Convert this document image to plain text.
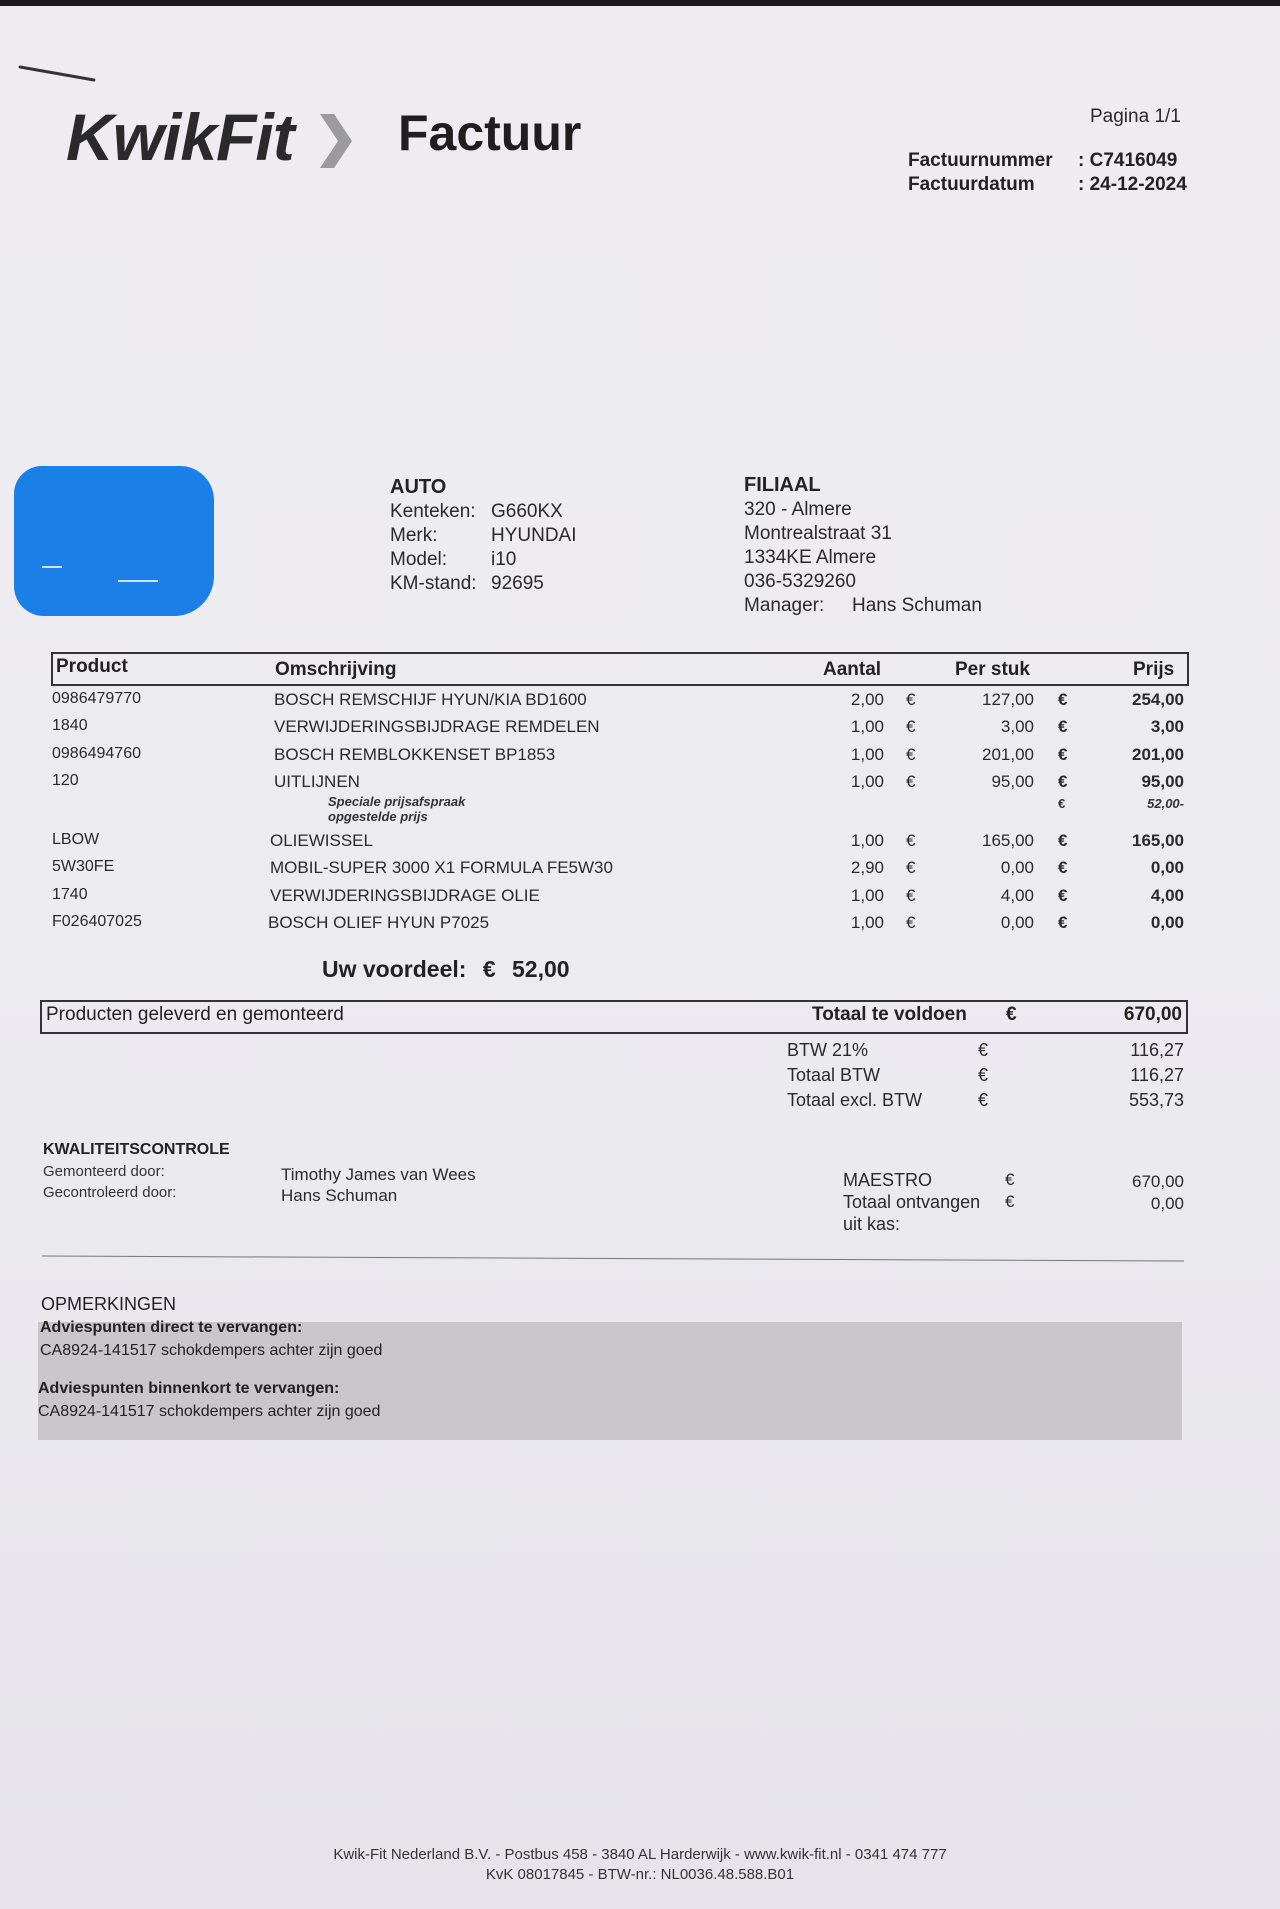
KwikFit Factuur	Pagina 1/1
Factuurnummer : C7416049
Factuurdatum : 24-12-2024
AUTO
Kenteken: G660KX
Merk:	HYUNDAI
Model: i10
KM-stand: 92695
FILIAAL
320 - Almere
Montrealstraat 31
1334KE Almere
036-5329260
Manager: Hans Schuman
Product	Omschrijving	Aantal	Per stuk	Prijs
0986479770	BOSCH REMSCHIJF HYUN/KIA BD1600	2,00 €	127,00 €	254,00
1840	VERWIJDERINGSBIJDRAGE REMDELEN	1,00 €	3,00 €	3,00
0986494760	BOSCH REMBLOKKENSET BP1853	1,00 €	201,00 €	201,00
120	UITLIJNEN	1,00 €	95,00 €	95,00
Speciale prijsafspraak
opgestelde prijs
€	52,00-
LBOW	OLIEWISSEL	1,00 €	165,00 €	165,00
5W30FE	MOBIL-SUPER 3000 X1 FORMULA FE5W30	2,90 €	0,00 €	0,00
1740	VERWIJDERINGSBIJDRAGE OLIE	1,00 €	4,00 €	4,00
F026407025	BOSCH OLIEF HYUN P7025	1,00 €	0,00 €	0,00
Uw voordeel: € 52,00
Producten geleverd en gemonteerd	Totaal te voldoen €	670,00
BTW 21%	€	116,27
Totaal BTW	€	116,27
Totaal excl. BTW	€	553,73
KWALITEITSCONTROLE
Gemonteerd door:	Timothy James van Wees
Gecontroleerd door:	Hans Schuman
MAESTRO	€	670,00
Totaal ontvangen
uit kas:
€	0,00
OPMERKINGEN
Adviespunten direct te vervangen:
CA8924-141517 schokdempers achter zijn goed
Adviespunten binnenkort te vervangen:
CA8924-141517 schokdempers achter zijn goed
Kwik-Fit Nederland B.V. - Postbus 458 - 3840 AL Harderwijk - www.kwik-fit.nl - 0341 474 777
KvK 08017845 - BTW-nr.: NL0036.48.588.B01
